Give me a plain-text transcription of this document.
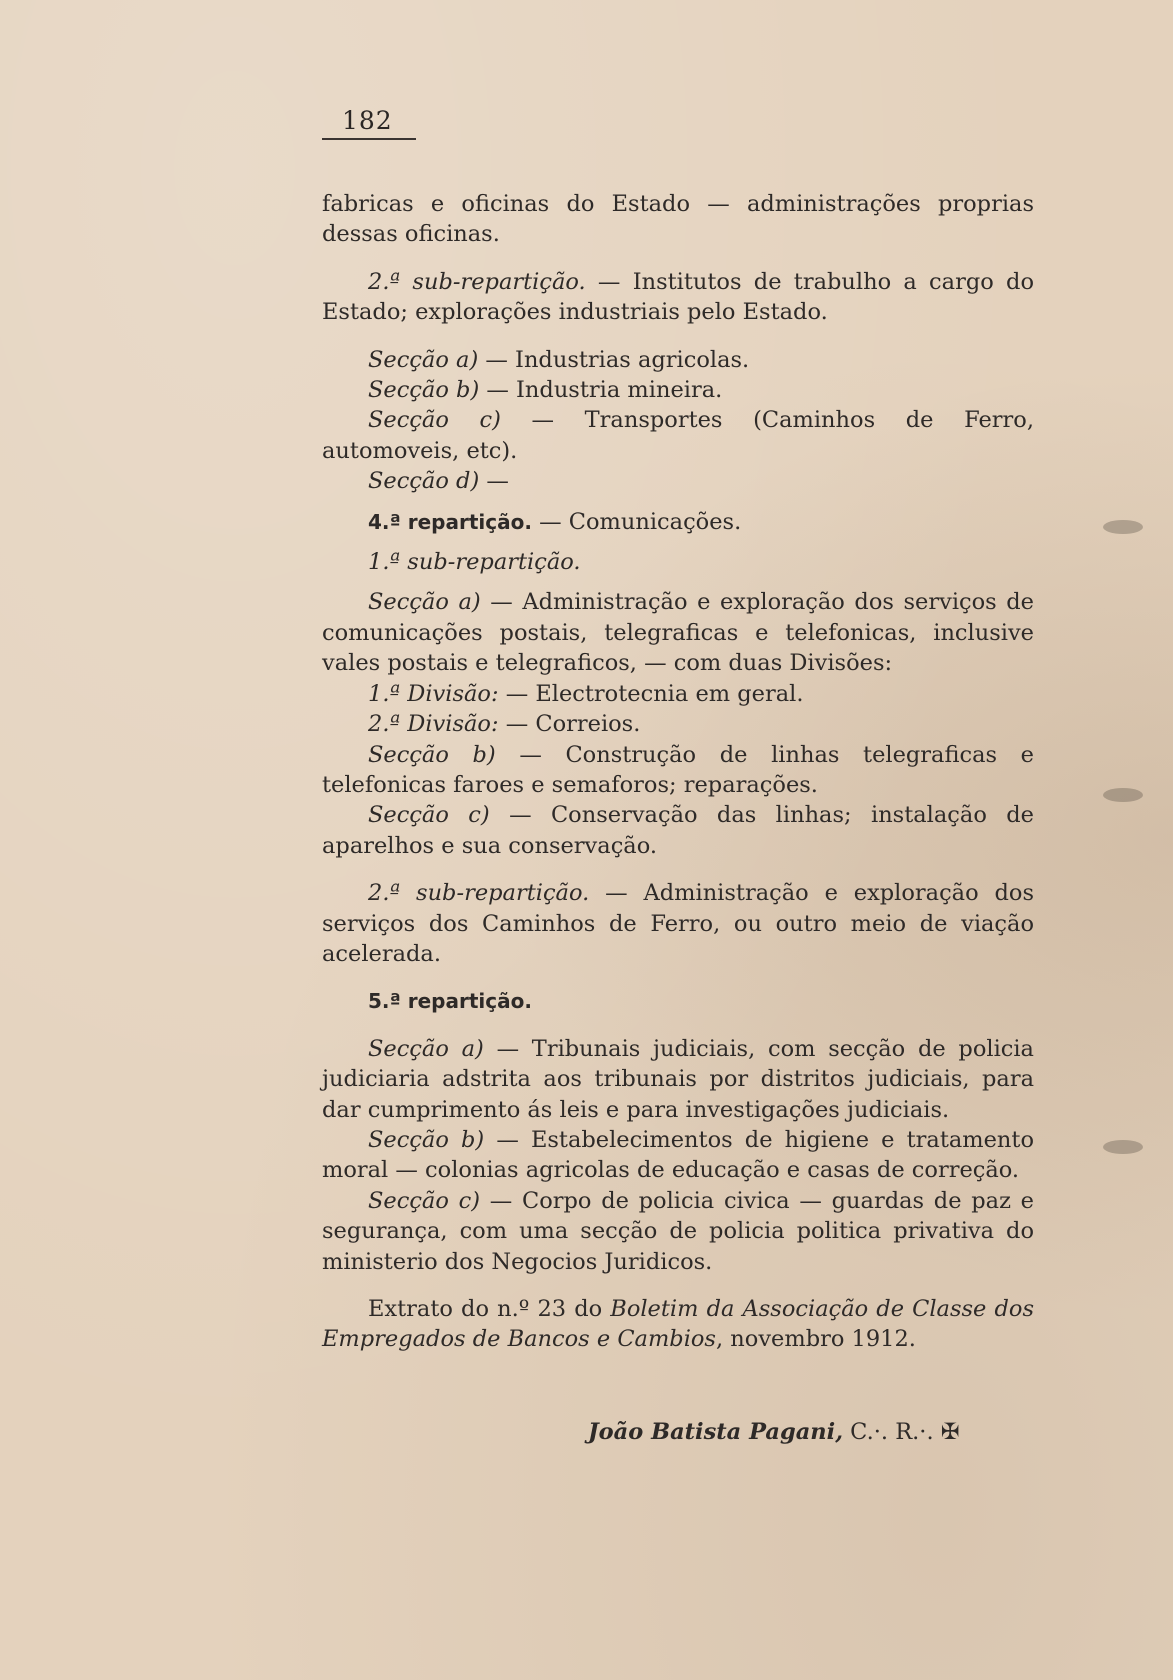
182

fabricas e oficinas do Estado — administrações proprias dessas oficinas.

2.ª sub-repartição. — Institutos de trabulho a cargo do Estado; explorações industriais pelo Estado.

Secção a) — Industrias agricolas.

Secção b) — Industria mineira.

Secção c) — Transportes (Caminhos de Ferro, automoveis, etc).

Secção d) —

4.ª repartição. — Comunicações.

1.ª sub-repartição.

Secção a) — Administração e exploração dos serviços de comunicações postais, telegraficas e telefonicas, inclusive vales postais e telegraficos, — com duas Divisões:

1.ª Divisão: — Electrotecnia em geral.

2.ª Divisão: — Correios.

Secção b) — Construção de linhas telegraficas e telefonicas faroes e semaforos; reparações.

Secção c) — Conservação das linhas; instalação de aparelhos e sua conservação.

2.ª sub-repartição. — Administração e exploração dos serviços dos Caminhos de Ferro, ou outro meio de viação acelerada.

5.ª repartição.

Secção a) — Tribunais judiciais, com secção de policia judiciaria adstrita aos tribunais por distritos judiciais, para dar cumprimento ás leis e para investigações judiciais.

Secção b) — Estabelecimentos de higiene e tratamento moral — colonias agricolas de educação e casas de correção.

Secção c) — Corpo de policia civica — guardas de paz e segurança, com uma secção de policia politica privativa do ministerio dos Negocios Juridicos.

Extrato do n.º 23 do Boletim da Associação de Classe dos Empregados de Bancos e Cambios, novembro 1912.

João Batista Pagani, C.·. R.·. ✠
